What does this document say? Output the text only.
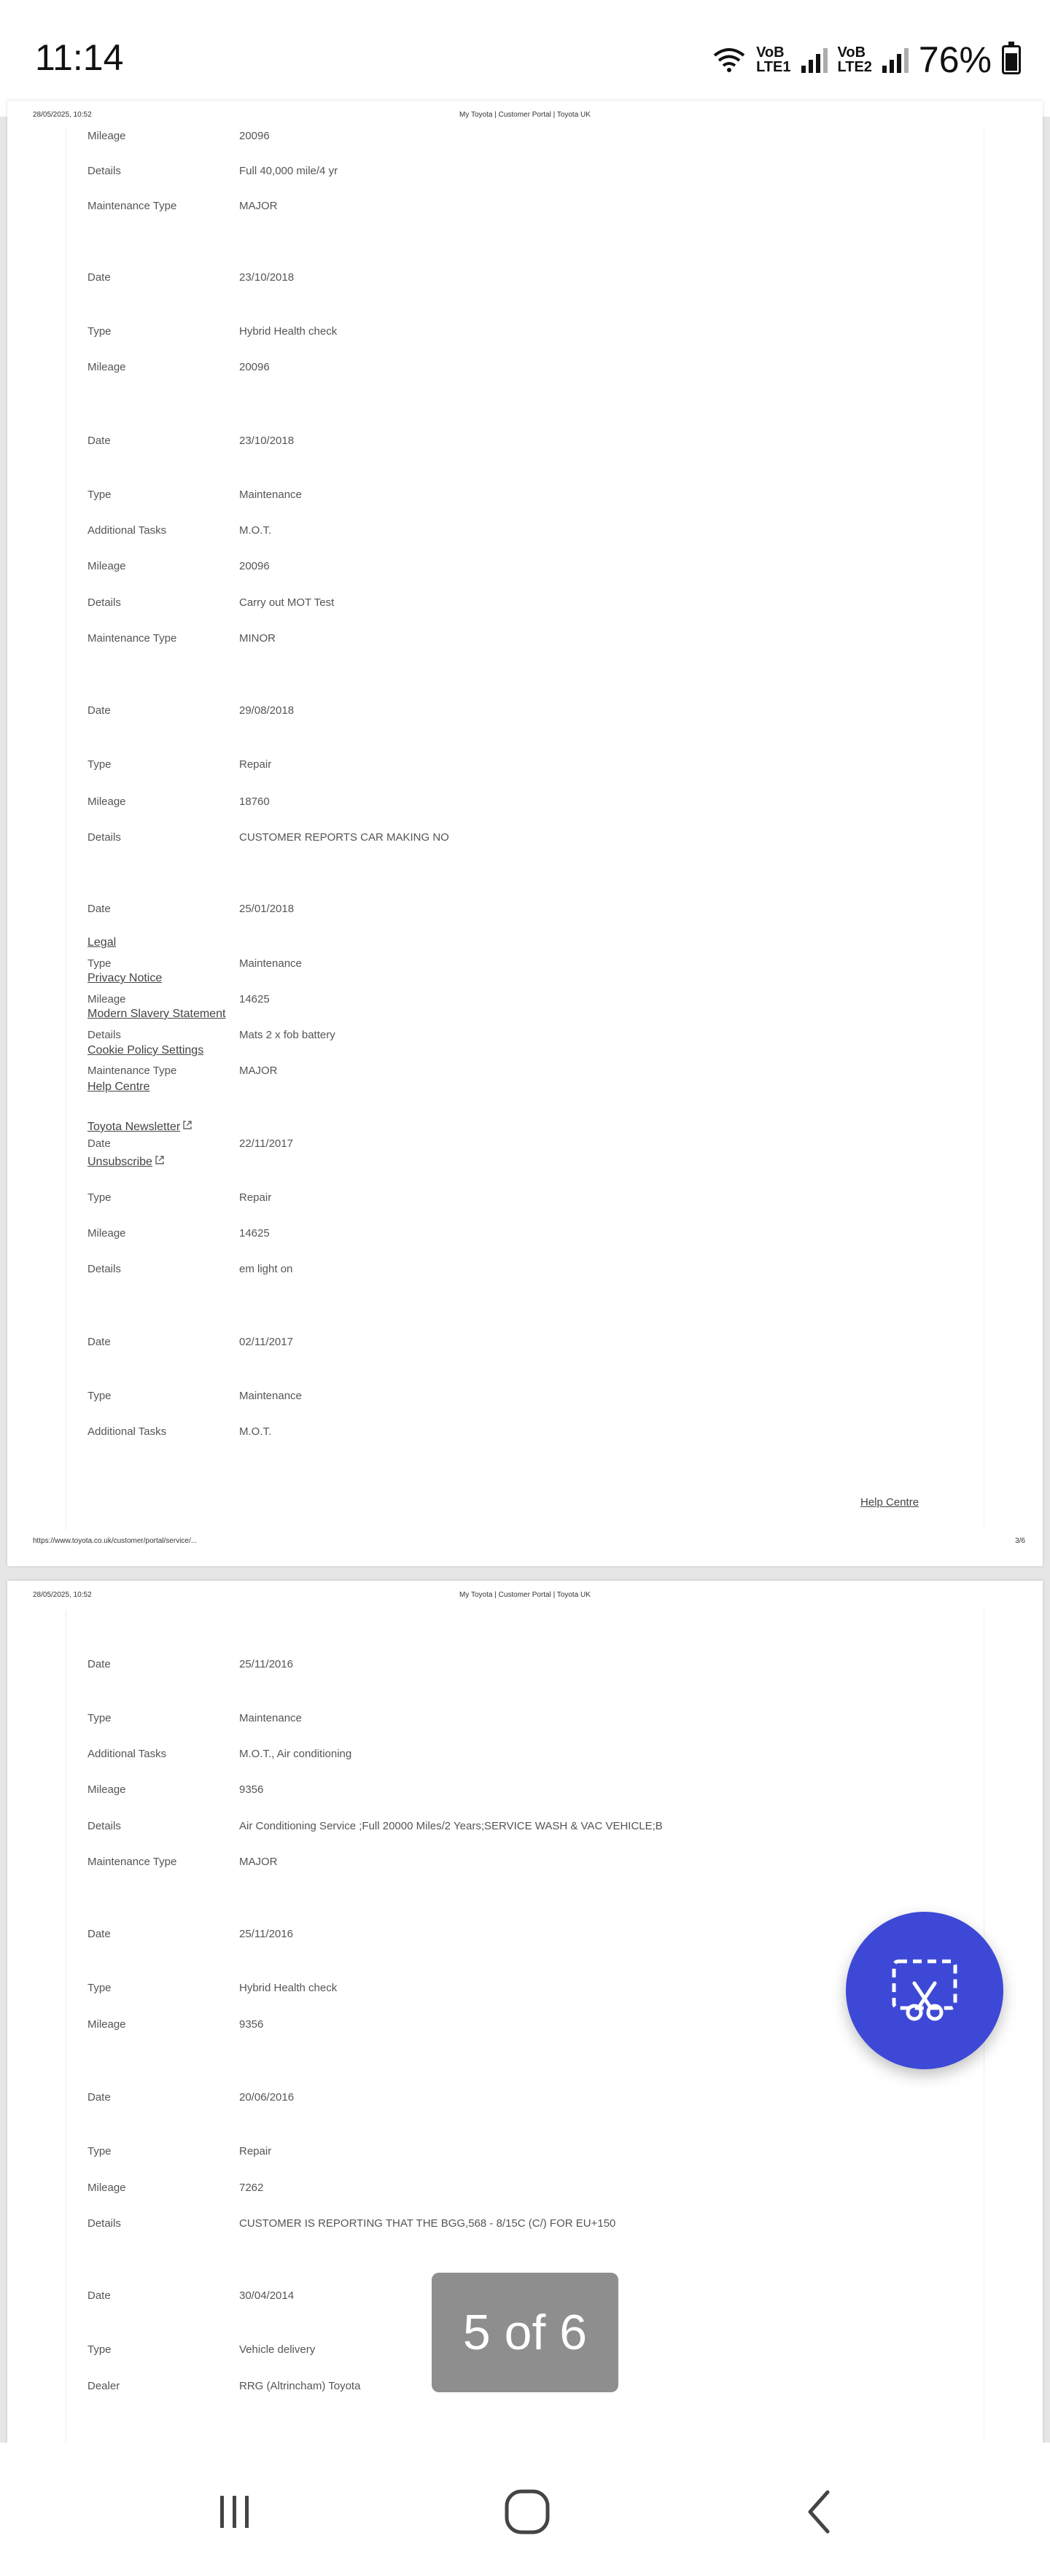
11:14	VoB
LTE1
VoB
LTE2 76%
28/05/2025, 10:52	My Toyota | Customer Portal | Toyota UK
Mileage	20096
Details	Full 40,000 mile/4 yr
Maintenance Type	MAJOR
Date	23/10/2018
Type	Hybrid Health check
Mileage	20096
Date	23/10/2018
Type	Maintenance
Additional Tasks	M.O.T.
Mileage	20096
Details	Carry out MOT Test
Maintenance Type	MINOR
Date	29/08/2018
Type	Repair
Mileage	18760
Details	CUSTOMER REPORTS CAR MAKING NO
Date	25/01/2018
Type	Maintenance
Mileage	14625
Details	Mats 2 x fob battery
Maintenance Type	MAJOR
Date	22/11/2017
Type	Repair
Mileage	14625
Details	em light on
Date	02/11/2017
Type	Maintenance
Additional Tasks	M.O.T.
Legal
Privacy Notice
Modern Slavery Statement
Cookie Policy Settings
Help Centre
Toyota Newsletter
Unsubscribe
Help Centre
https://www.toyota.co.uk/customer/portal/service/...	3/6
28/05/2025, 10:52	My Toyota | Customer Portal | Toyota UK
Date	25/11/2016
Type	Maintenance
Additional Tasks	M.O.T., Air conditioning
Mileage	9356
Details	Air Conditioning Service ;Full 20000 Miles/2 Years;SERVICE WASH & VAC VEHICLE;B
Maintenance Type	MAJOR
Date	25/11/2016
Type	Hybrid Health check
Mileage	9356
Date	20/06/2016
Type	Repair
Mileage	7262
Details	CUSTOMER IS REPORTING THAT THE BGG,568 - 8/15C (C/) FOR EU+150
Date	30/04/2014
Type	Vehicle delivery
Dealer	RRG (Altrincham) Toyota
5 of 6
